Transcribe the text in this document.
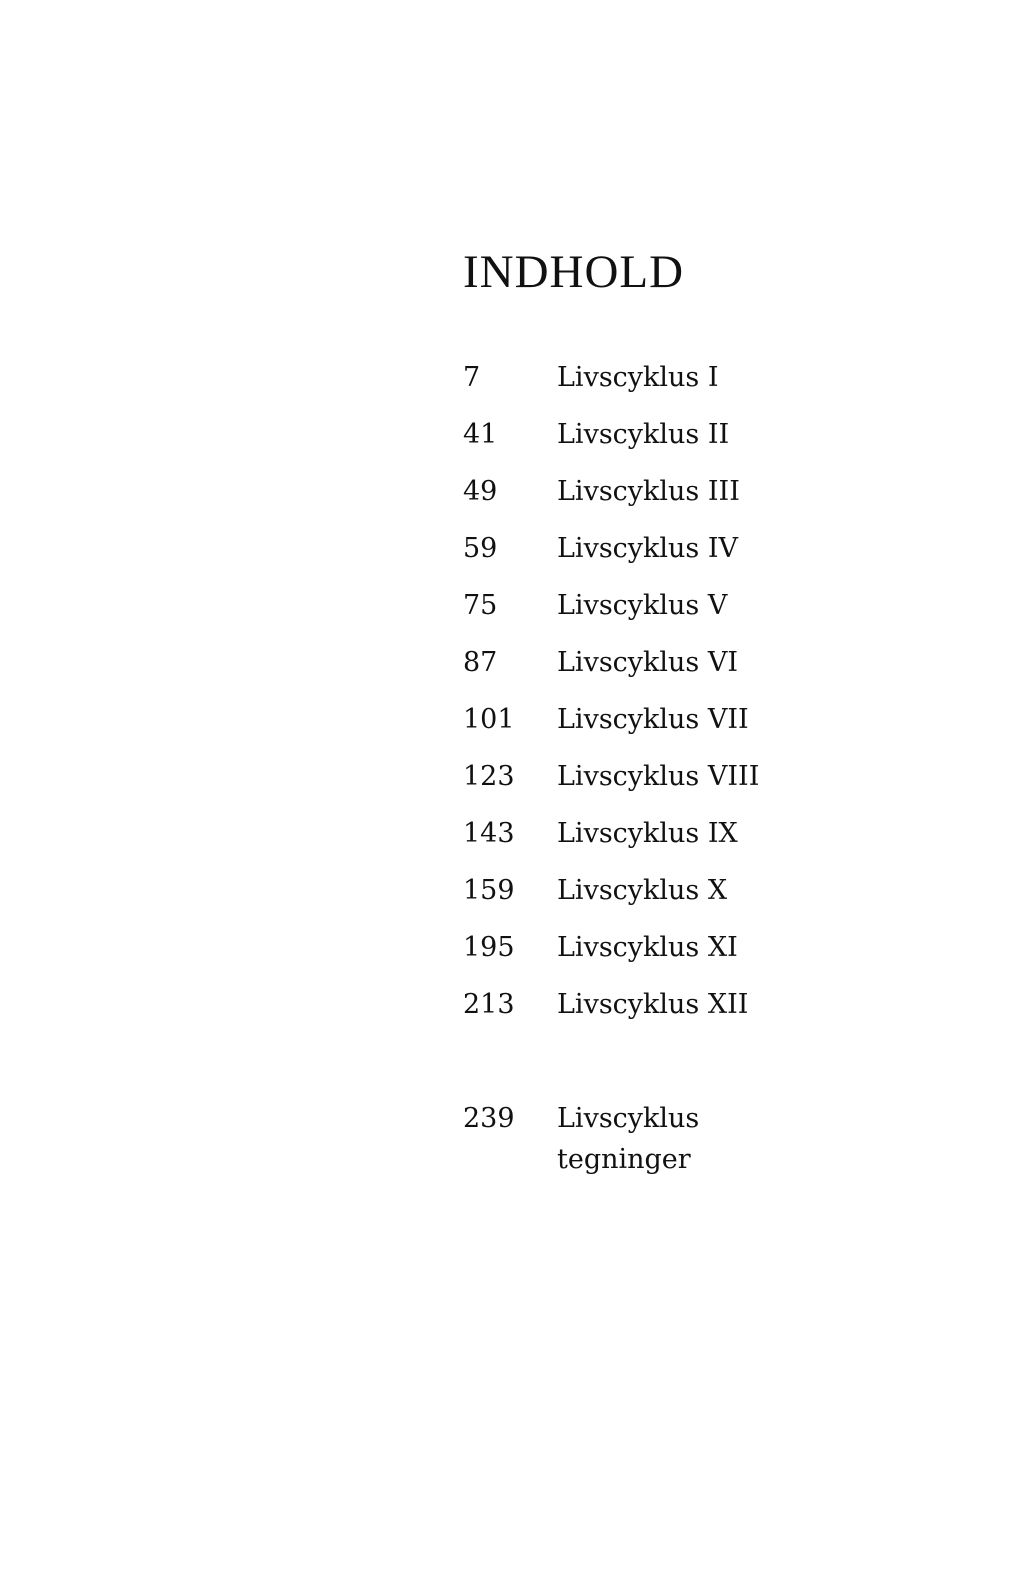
INDHOLD
7	Livscyklus I
41	Livscyklus II
49	Livscyklus III
59	Livscyklus IV
75	Livscyklus V
87	Livscyklus VI
101	Livscyklus VII
123	Livscyklus VIII
143	Livscyklus IX
159	Livscyklus X
195	Livscyklus XI
213	Livscyklus XII
239	Livscyklus tegninger
